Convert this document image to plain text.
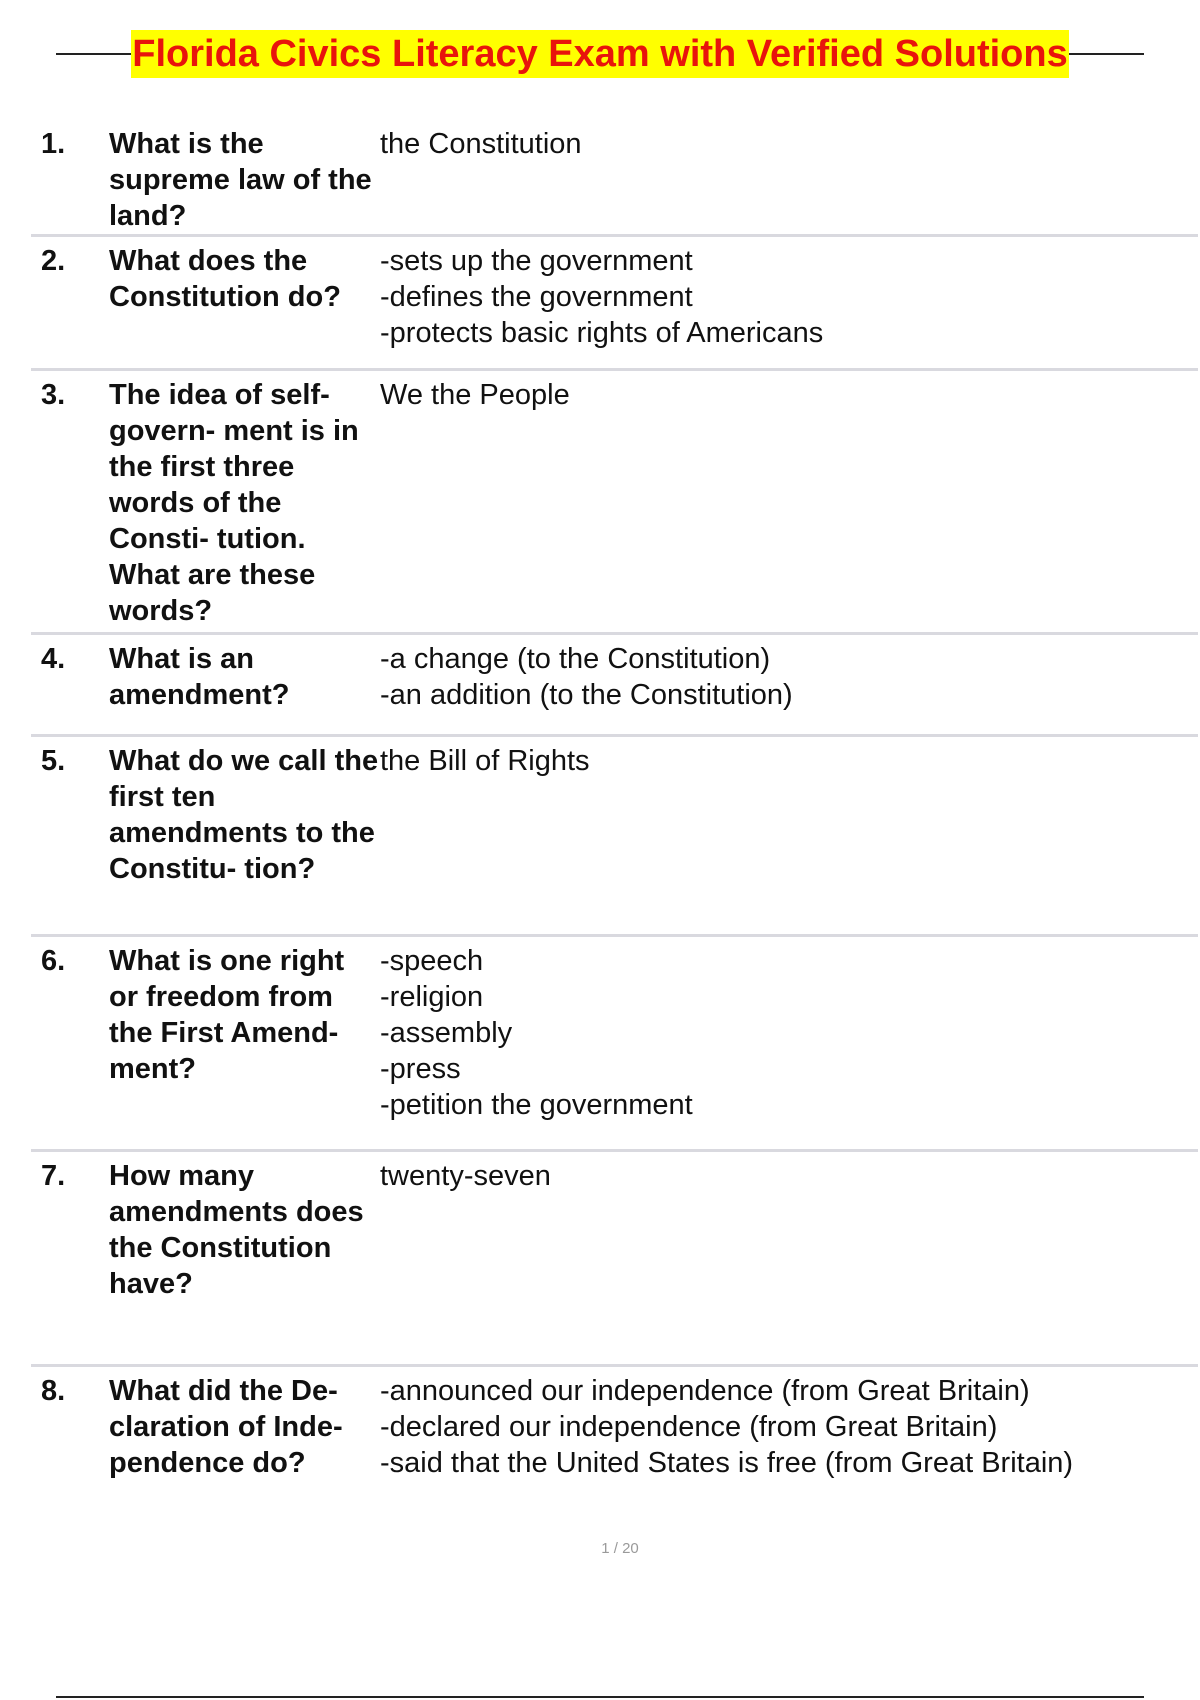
Florida Civics Literacy Exam with Verified Solutions
1.	What is the supreme law of the land?
the Constitution
2.	What does the Constitution do?
-sets up the government
-defines the government
-protects basic rights of Americans
3.	The idea of self-govern- ment is in the first three words of the Consti- tution. What are these words?
We the People
4.	What is an amendment?
-a change (to the Constitution)
-an addition (to the Constitution)
5.	What do we call the first ten amendments to the Constitu- tion?
the Bill of Rights
6.	What is one right or freedom from the First Amend- ment?
-speech
-religion
-assembly
-press
-petition the government
7.	How many amendments does the Constitution have?
twenty-seven
8.	What did the De- claration of Inde- pendence do?
-announced our independence (from Great Britain)
-declared our independence (from Great Britain)
-said that the United States is free (from Great Britain)
1 / 20
